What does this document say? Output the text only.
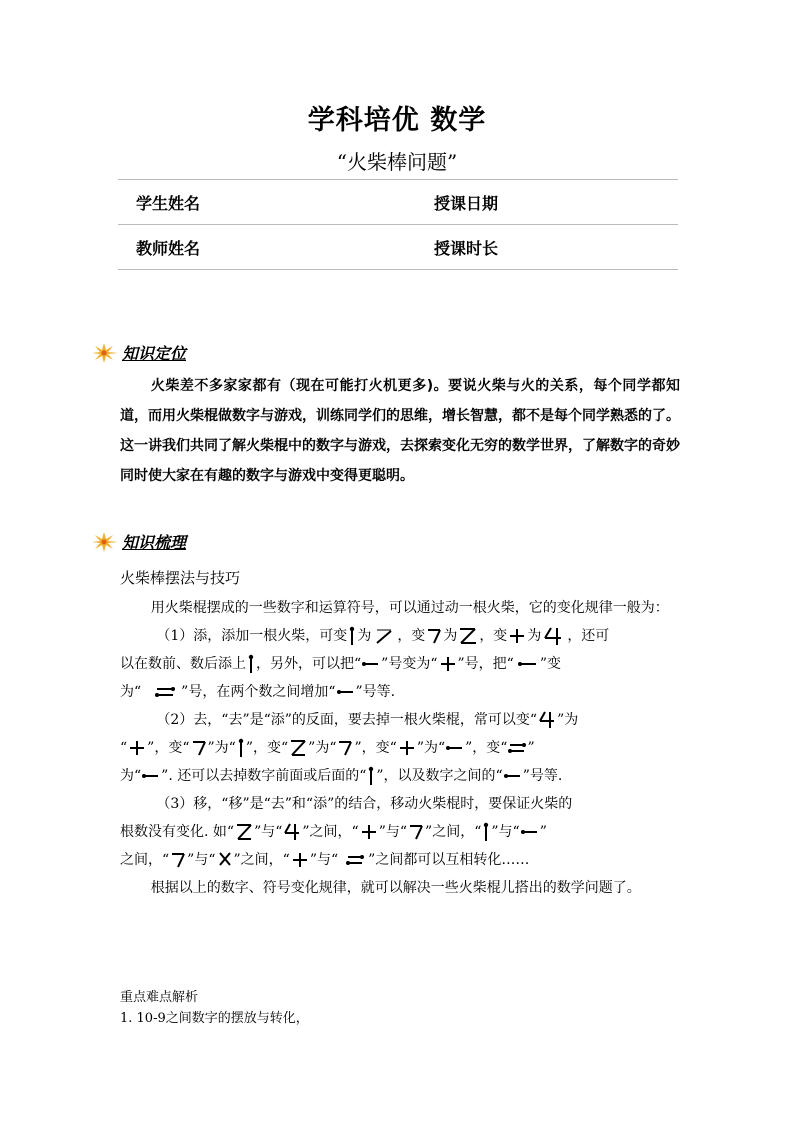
学科培优 数学
“火柴棒问题”
学生姓名	授课日期
教师姓名	授课时长
知识定位

火柴差不多家家都有（现在可能打火机更多)。要说火柴与火的关系，每个同学都知道，而用火柴棍做数字与游戏，训练同学们的思维，增长智慧，都不是每个同学熟悉的了。这一讲我们共同了解火柴棍中的数字与游戏，去探索变化无穷的数学世界，了解数字的奇妙同时使大家在有趣的数字与游戏中变得更聪明。

知识梳理
火柴棒摆法与技巧

用火柴棍摆成的一些数字和运算符号，可以通过动一根火柴，它的变化规律一般为：

（1）添，添加一根火柴，可变 为 ，变 为 ，变 为 ，还可
以在数前、数后添上 ，另外，可以把“ ”号变为“ ”号，把“ ”变
为“	”号，在两个数之间增加“ ”号等.
（2）去，“去”是“添”的反面，要去掉一根火柴棍，常可以变“ ”为
“ ”，变“ ”为“ ”，变“ ”为“ ”，变“ ”为“ ”，变“ ”
为“ ”. 还可以去掉数字前面或后面的“ ”，以及数字之间的“ ”号等.
（3）移，“移”是“去”和“添”的结合，移动火柴棍时，要保证火柴的
根数没有变化. 如“ ”与“ ”之间，“ ”与“ ”之间，“ ”与“ ”
之间，“ ”与“ ”之间，“ ”与“ ”之间都可以互相转化……

根据以上的数字、符号变化规律，就可以解决一些火柴棍儿搭出的数学问题了。

重点难点解析
1. 10-9之间数字的摆放与转化，
